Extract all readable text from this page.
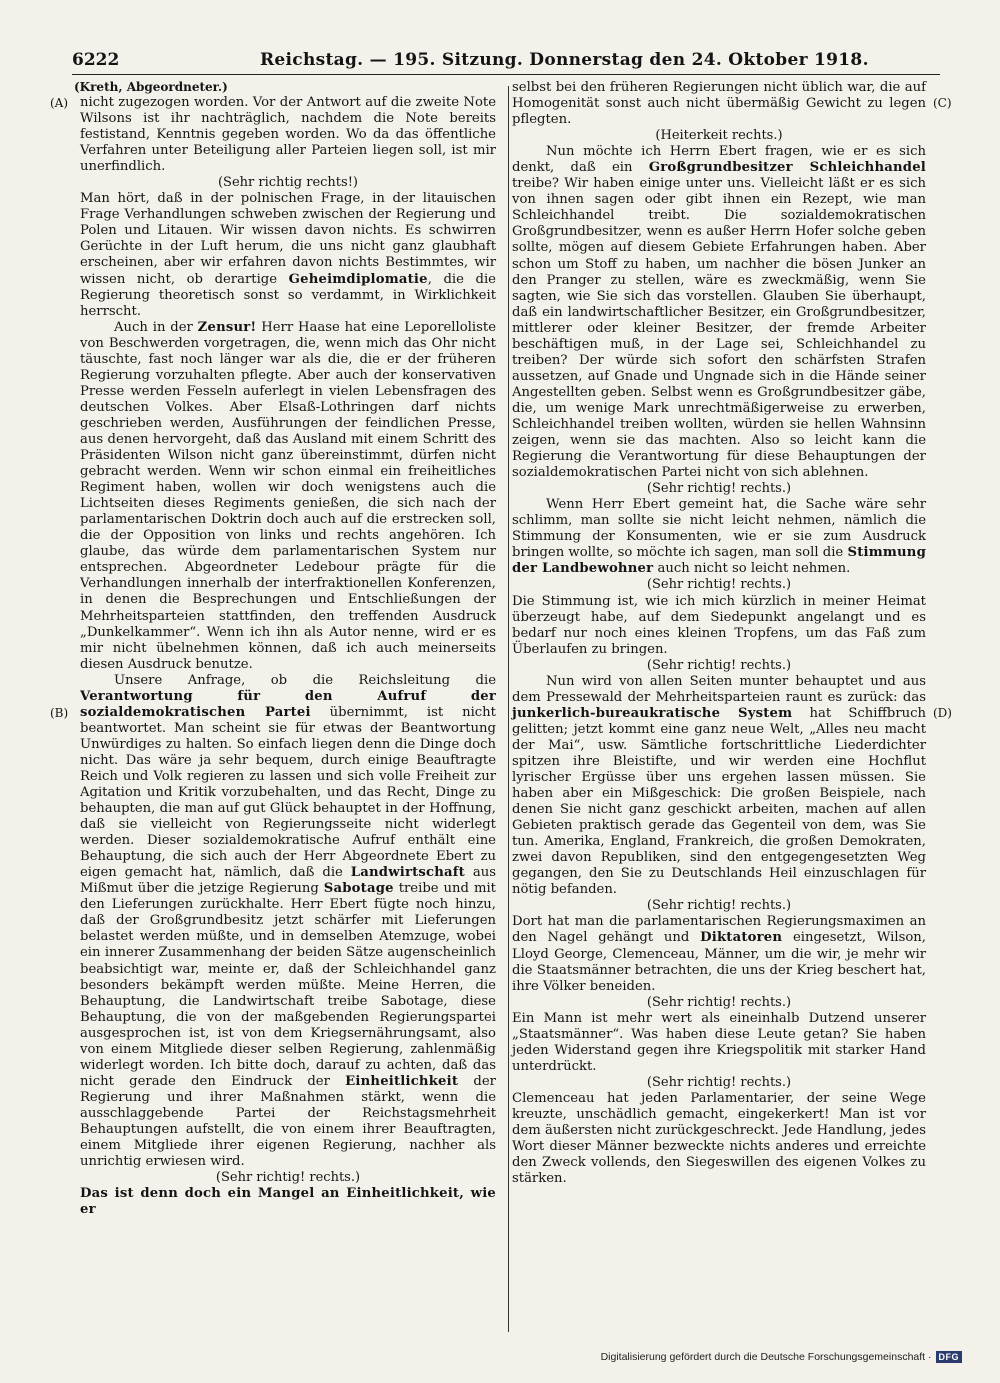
6222	Reichstag. — 195. Sitzung. Donnerstag den 24. Oktober 1918.
(A)
(B)
(C)
(D)

(Kreth, Abgeordneter.)

nicht zugezogen worden. Vor der Antwort auf die zweite Note Wilsons ist ihr nachträglich, nachdem die Note bereits festistand, Kenntnis gegeben worden. Wo da das öffentliche Verfahren unter Beteiligung aller Parteien liegen soll, ist mir unerfindlich.

(Sehr richtig rechts!)

Man hört, daß in der polnischen Frage, in der litauischen Frage Verhandlungen schweben zwischen der Regierung und Polen und Litauen. Wir wissen davon nichts. Es schwirren Gerüchte in der Luft herum, die uns nicht ganz glaubhaft erscheinen, aber wir erfahren davon nichts Bestimmtes, wir wissen nicht, ob derartige Geheimdiplomatie, die die Regierung theoretisch sonst so verdammt, in Wirklichkeit herrscht.

Auch in der Zensur! Herr Haase hat eine Leporelloliste von Beschwerden vorgetragen, die, wenn mich das Ohr nicht täuschte, fast noch länger war als die, die er der früheren Regierung vorzuhalten pflegte. Aber auch der konservativen Presse werden Fesseln auferlegt in vielen Lebensfragen des deutschen Volkes. Aber Elsaß-Lothringen darf nichts geschrieben werden, Ausführungen der feindlichen Presse, aus denen hervorgeht, daß das Ausland mit einem Schritt des Präsidenten Wilson nicht ganz übereinstimmt, dürfen nicht gebracht werden. Wenn wir schon einmal ein freiheitliches Regiment haben, wollen wir doch wenigstens auch die Lichtseiten dieses Regiments genießen, die sich nach der parlamentarischen Doktrin doch auch auf die erstrecken soll, die der Opposition von links und rechts angehören. Ich glaube, das würde dem parlamentarischen System nur entsprechen. Abgeordneter Ledebour prägte für die Verhandlungen innerhalb der interfraktionellen Konferenzen, in denen die Besprechungen und Entschließungen der Mehrheitsparteien stattfinden, den treffenden Ausdruck „Dunkelkammer“. Wenn ich ihn als Autor nenne, wird er es mir nicht übelnehmen können, daß ich auch meinerseits diesen Ausdruck benutze.

Unsere Anfrage, ob die Reichsleitung die Verantwortung für den Aufruf der sozialdemokratischen Partei übernimmt, ist nicht beantwortet. Man scheint sie für etwas der Beantwortung Unwürdiges zu halten. So einfach liegen denn die Dinge doch nicht. Das wäre ja sehr bequem, durch einige Beauftragte Reich und Volk regieren zu lassen und sich volle Freiheit zur Agitation und Kritik vorzubehalten, und das Recht, Dinge zu behaupten, die man auf gut Glück behauptet in der Hoffnung, daß sie vielleicht von Regierungsseite nicht widerlegt werden. Dieser sozialdemokratische Aufruf enthält eine Behauptung, die sich auch der Herr Abgeordnete Ebert zu eigen gemacht hat, nämlich, daß die Landwirtschaft aus Mißmut über die jetzige Regierung Sabotage treibe und mit den Lieferungen zurückhalte. Herr Ebert fügte noch hinzu, daß der Großgrundbesitz jetzt schärfer mit Lieferungen belastet werden müßte, und in demselben Atemzuge, wobei ein innerer Zusammenhang der beiden Sätze augenscheinlich beabsichtigt war, meinte er, daß der Schleichhandel ganz besonders bekämpft werden müßte. Meine Herren, die Behauptung, die Landwirtschaft treibe Sabotage, diese Behauptung, die von der maßgebenden Regierungspartei ausgesprochen ist, ist von dem Kriegsernährungsamt, also von einem Mitgliede dieser selben Regierung, zahlenmäßig widerlegt worden. Ich bitte doch, darauf zu achten, daß das nicht gerade den Eindruck der Einheitlichkeit der Regierung und ihrer Maßnahmen stärkt, wenn die ausschlaggebende Partei der Reichstagsmehrheit Behauptungen aufstellt, die von einem ihrer Beauftragten, einem Mitgliede ihrer eigenen Regierung, nachher als unrichtig erwiesen wird.

(Sehr richtig! rechts.)

Das ist denn doch ein Mangel an Einheitlichkeit, wie er

selbst bei den früheren Regierungen nicht üblich war, die auf Homogenität sonst auch nicht übermäßig Gewicht zu legen pflegten.

(Heiterkeit rechts.)

Nun möchte ich Herrn Ebert fragen, wie er es sich denkt, daß ein Großgrundbesitzer Schleichhandel treibe? Wir haben einige unter uns. Vielleicht läßt er es sich von ihnen sagen oder gibt ihnen ein Rezept, wie man Schleichhandel treibt. Die sozialdemokratischen Großgrundbesitzer, wenn es außer Herrn Hofer solche geben sollte, mögen auf diesem Gebiete Erfahrungen haben. Aber schon um Stoff zu haben, um nachher die bösen Junker an den Pranger zu stellen, wäre es zweckmäßig, wenn Sie sagten, wie Sie sich das vorstellen. Glauben Sie überhaupt, daß ein landwirtschaftlicher Besitzer, ein Großgrundbesitzer, mittlerer oder kleiner Besitzer, der fremde Arbeiter beschäftigen muß, in der Lage sei, Schleichhandel zu treiben? Der würde sich sofort den schärfsten Strafen aussetzen, auf Gnade und Ungnade sich in die Hände seiner Angestellten geben. Selbst wenn es Großgrundbesitzer gäbe, die, um wenige Mark unrechtmäßigerweise zu erwerben, Schleichhandel treiben wollten, würden sie hellen Wahnsinn zeigen, wenn sie das machten. Also so leicht kann die Regierung die Verantwortung für diese Behauptungen der sozialdemokratischen Partei nicht von sich ablehnen.

(Sehr richtig! rechts.)

Wenn Herr Ebert gemeint hat, die Sache wäre sehr schlimm, man sollte sie nicht leicht nehmen, nämlich die Stimmung der Konsumenten, wie er sie zum Ausdruck bringen wollte, so möchte ich sagen, man soll die Stimmung der Landbewohner auch nicht so leicht nehmen.

(Sehr richtig! rechts.)

Die Stimmung ist, wie ich mich kürzlich in meiner Heimat überzeugt habe, auf dem Siedepunkt angelangt und es bedarf nur noch eines kleinen Tropfens, um das Faß zum Überlaufen zu bringen.

(Sehr richtig! rechts.)

Nun wird von allen Seiten munter behauptet und aus dem Pressewald der Mehrheitsparteien raunt es zurück: das junkerlich-bureaukratische System hat Schiffbruch gelitten; jetzt kommt eine ganz neue Welt, „Alles neu macht der Mai“, usw. Sämtliche fortschrittliche Liederdichter spitzen ihre Bleistifte, und wir werden eine Hochflut lyrischer Ergüsse über uns ergehen lassen müssen. Sie haben aber ein Mißgeschick: Die großen Beispiele, nach denen Sie nicht ganz geschickt arbeiten, machen auf allen Gebieten praktisch gerade das Gegenteil von dem, was Sie tun. Amerika, England, Frankreich, die großen Demokraten, zwei davon Republiken, sind den entgegengesetzten Weg gegangen, den Sie zu Deutschlands Heil einzuschlagen für nötig befanden.

(Sehr richtig! rechts.)

Dort hat man die parlamentarischen Regierungsmaximen an den Nagel gehängt und Diktatoren eingesetzt, Wilson, Lloyd George, Clemenceau, Männer, um die wir, je mehr wir die Staatsmänner betrachten, die uns der Krieg beschert hat, ihre Völker beneiden.

(Sehr richtig! rechts.)

Ein Mann ist mehr wert als eineinhalb Dutzend unserer „Staatsmänner“. Was haben diese Leute getan? Sie haben jeden Widerstand gegen ihre Kriegspolitik mit starker Hand unterdrückt.

(Sehr richtig! rechts.)

Clemenceau hat jeden Parlamentarier, der seine Wege kreuzte, unschädlich gemacht, eingekerkert! Man ist vor dem äußersten nicht zurückgeschreckt. Jede Handlung, jedes Wort dieser Männer bezweckte nichts anderes und erreichte den Zweck vollends, den Siegeswillen des eigenen Volkes zu stärken.

Digitalisierung gefördert durch die Deutsche Forschungsgemeinschaft · DFG
